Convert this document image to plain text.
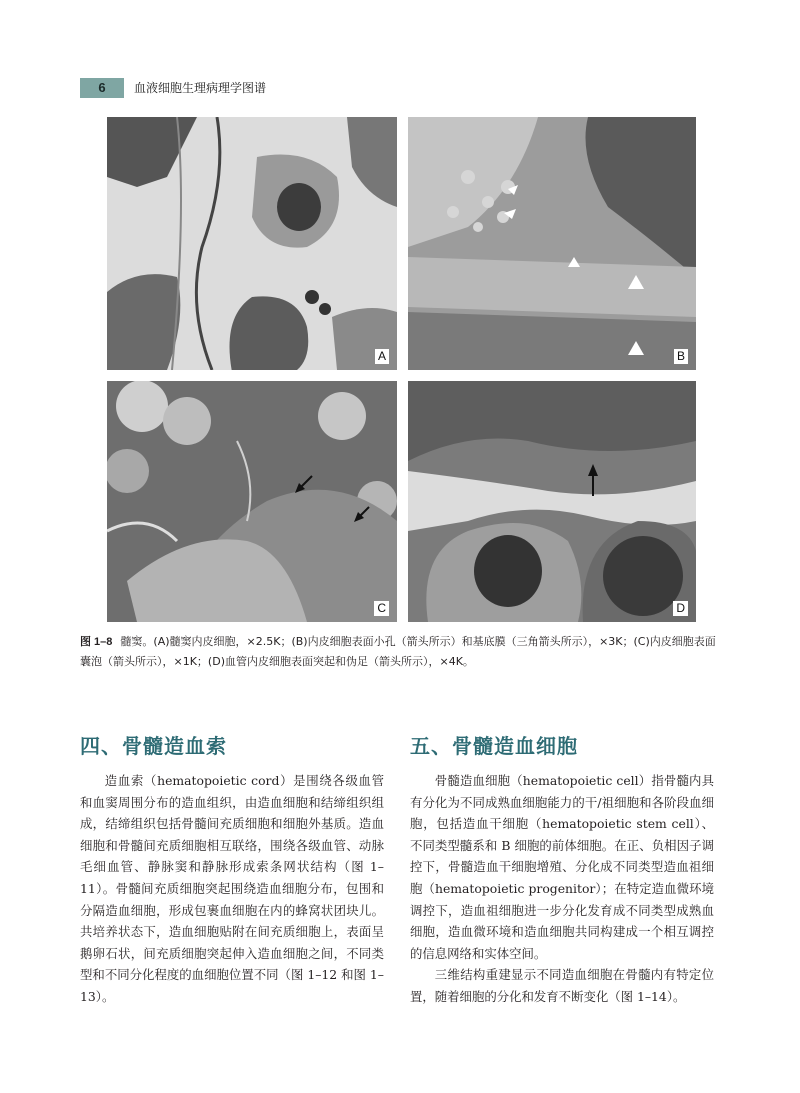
6	血液细胞生理病理学图谱
A	B
C	D
图 1–8 髓窦。(A)髓窦内皮细胞，×2.5K；(B)内皮细胞表面小孔（箭头所示）和基底膜（三角箭头所示），×3K；(C)内皮细胞表面囊泡（箭头所示），×1K；(D)血管内皮细胞表面突起和伪足（箭头所示），×4K。
四、骨髓造血索	五、骨髓造血细胞

造血索（hematopoietic cord）是围绕各级血管和血窦周围分布的造血组织，由造血细胞和结缔组织组成，结缔组织包括骨髓间充质细胞和细胞外基质。造血细胞和骨髓间充质细胞相互联络，围绕各级血管、动脉毛细血管、静脉窦和静脉形成索条网状结构（图 1–11）。骨髓间充质细胞突起围绕造血细胞分布，包围和分隔造血细胞，形成包裹血细胞在内的蜂窝状团块儿。共培养状态下，造血细胞贴附在间充质细胞上，表面呈鹅卵石状，间充质细胞突起伸入造血细胞之间，不同类型和不同分化程度的血细胞位置不同（图 1–12 和图 1–13）。

骨髓造血细胞（hematopoietic cell）指骨髓内具有分化为不同成熟血细胞能力的干/祖细胞和各阶段血细胞，包括造血干细胞（hematopoietic stem cell）、不同类型髓系和 B 细胞的前体细胞。在正、负相因子调控下，骨髓造血干细胞增殖、分化成不同类型造血祖细胞（hematopoietic progenitor）；在特定造血微环境调控下，造血祖细胞进一步分化发育成不同类型成熟血细胞，造血微环境和造血细胞共同构建成一个相互调控的信息网络和实体空间。

三维结构重建显示不同造血细胞在骨髓内有特定位置，随着细胞的分化和发育不断变化（图 1–14）。
